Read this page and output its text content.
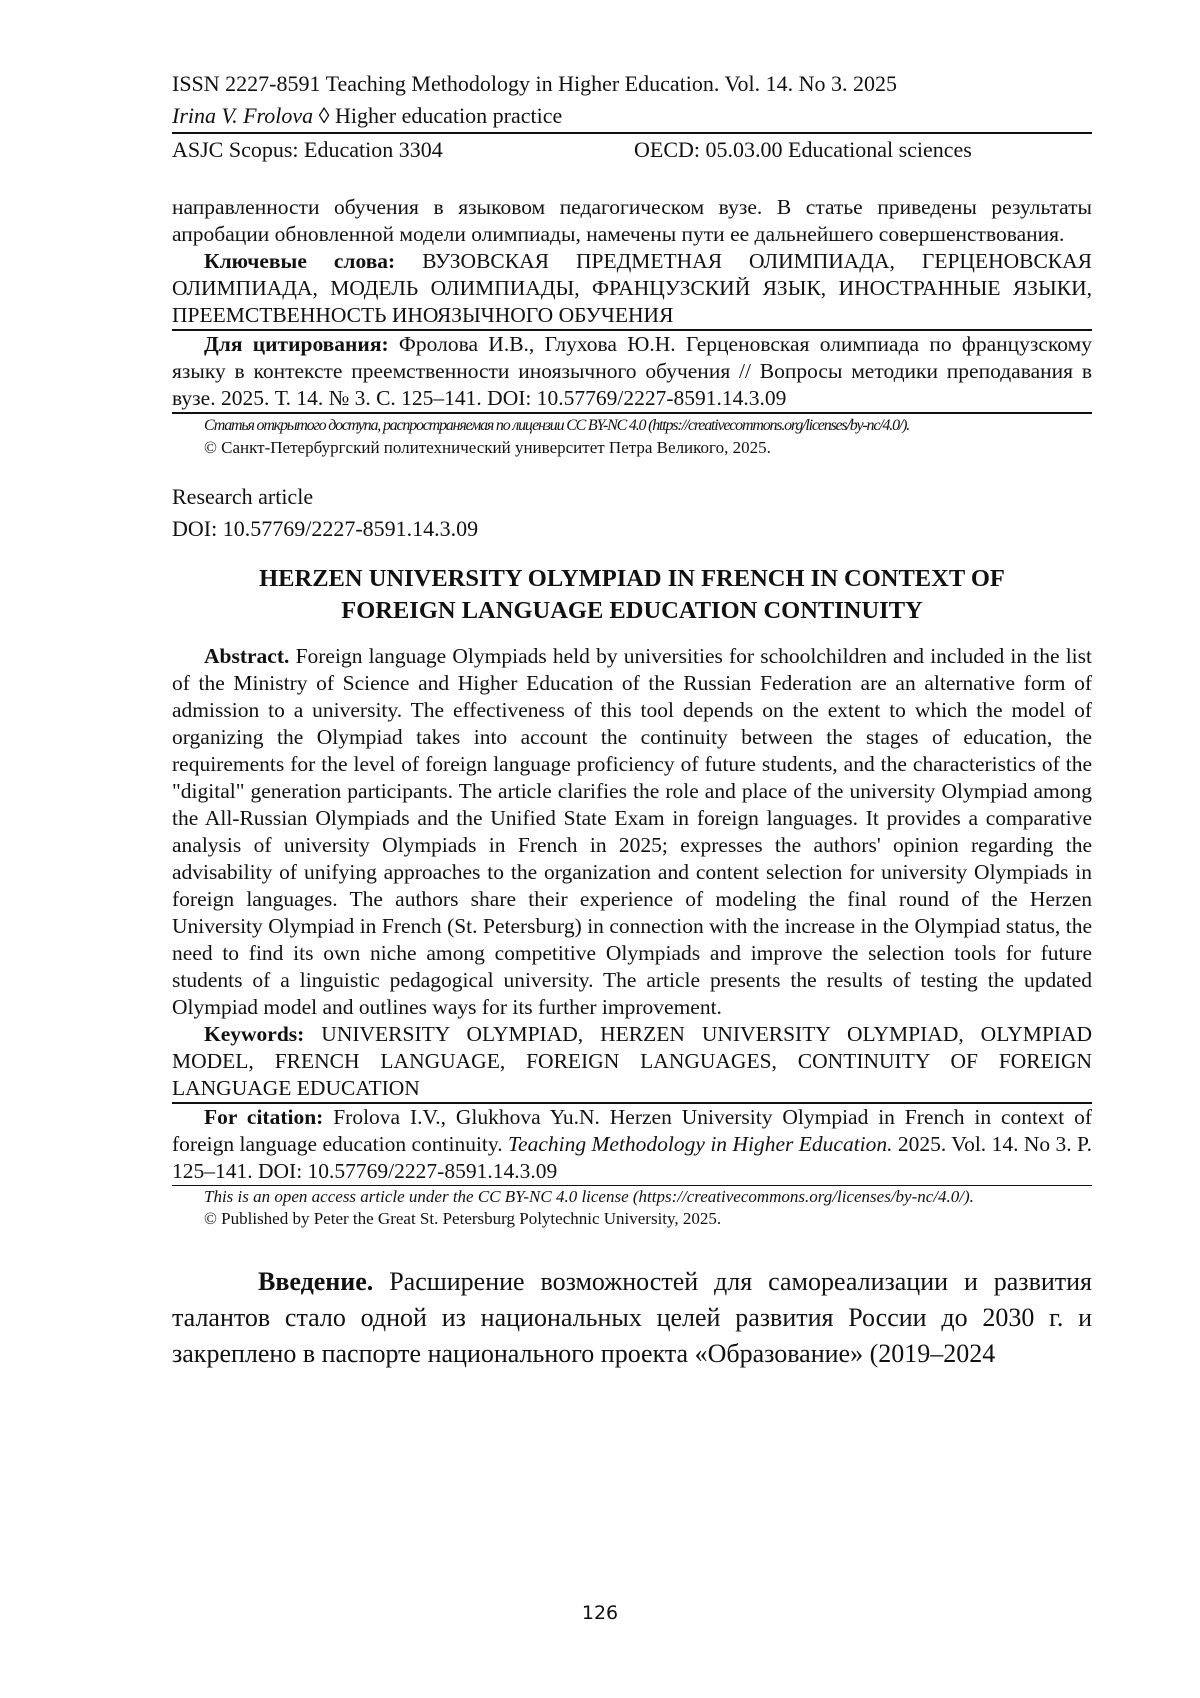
ISSN 2227-8591 Teaching Methodology in Higher Education. Vol. 14. No 3. 2025
Irina V. Frolova ◊ Higher education practice
ASJC Scopus: Education 3304	OECD: 05.03.00 Educational sciences

направленности обучения в языковом педагогическом вузе. В статье приведены результаты апробации обновленной модели олимпиады, намечены пути ее дальнейшего совершенствования.

Ключевые слова: ВУЗОВСКАЯ ПРЕДМЕТНАЯ ОЛИМПИАДА, ГЕРЦЕНОВСКАЯ ОЛИМПИАДА, МОДЕЛЬ ОЛИМПИАДЫ, ФРАНЦУЗСКИЙ ЯЗЫК, ИНОСТРАННЫЕ ЯЗЫКИ, ПРЕЕМСТВЕННОСТЬ ИНОЯЗЫЧНОГО ОБУЧЕНИЯ

Для цитирования: Фролова И.В., Глухова Ю.Н. Герценовская олимпиада по французскому языку в контексте преемственности иноязычного обучения // Вопросы методики преподавания в вузе. 2025. Т. 14. № 3. С. 125–141. DOI: 10.57769/2227-8591.14.3.09

Статья открытого доступа, распространяемая по лицензии CC BY-NC 4.0 (https://creativecommons.org/licenses/by-nc/4.0/).

© Санкт-Петербургский политехнический университет Петра Великого, 2025.

Research article
DOI: 10.57769/2227-8591.14.3.09

HERZEN UNIVERSITY OLYMPIAD IN FRENCH IN CONTEXT OF

FOREIGN LANGUAGE EDUCATION CONTINUITY

Abstract. Foreign language Olympiads held by universities for schoolchildren and included in the list of the Ministry of Science and Higher Education of the Russian Federation are an alternative form of admission to a university. The effectiveness of this tool depends on the extent to which the model of organizing the Olympiad takes into account the continuity between the stages of education, the requirements for the level of foreign language proficiency of future students, and the characteristics of the "digital" generation participants. The article clarifies the role and place of the university Olympiad among the All-Russian Olympiads and the Unified State Exam in foreign languages. It provides a comparative analysis of university Olympiads in French in 2025; expresses the authors' opinion regarding the advisability of unifying approaches to the organization and content selection for university Olympiads in foreign languages. The authors share their experience of modeling the final round of the Herzen University Olympiad in French (St. Petersburg) in connection with the increase in the Olympiad status, the need to find its own niche among competitive Olympiads and improve the selection tools for future students of a linguistic pedagogical university. The article presents the results of testing the updated Olympiad model and outlines ways for its further improvement.

Keywords: UNIVERSITY OLYMPIAD, HERZEN UNIVERSITY OLYMPIAD, OLYMPIAD MODEL, FRENCH LANGUAGE, FOREIGN LANGUAGES, CONTINUITY OF FOREIGN LANGUAGE EDUCATION

For citation: Frolova I.V., Glukhova Yu.N. Herzen University Olympiad in French in context of foreign language education continuity. Teaching Methodology in Higher Education. 2025. Vol. 14. No 3. P. 125–141. DOI: 10.57769/2227-8591.14.3.09

This is an open access article under the CC BY-NC 4.0 license (https://creativecommons.org/licenses/by-nc/4.0/).

© Published by Peter the Great St. Petersburg Polytechnic University, 2025.

Введение. Расширение возможностей для самореализации и развития талантов стало одной из национальных целей развития России до 2030 г. и закреплено в паспорте национального проекта «Образование» (2019–2024

126
